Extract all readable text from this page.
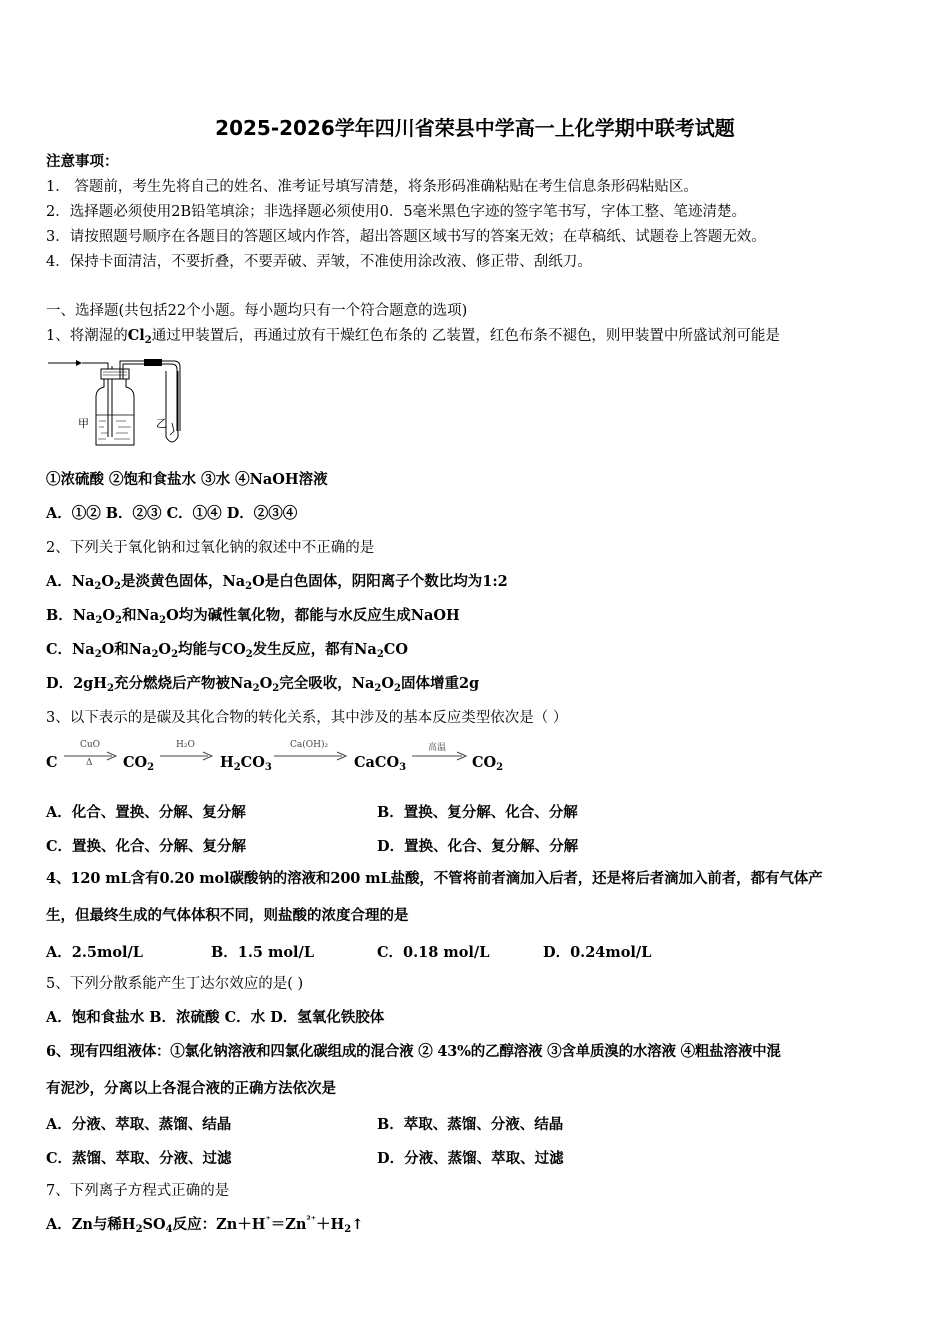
2025-2026学年四川省荣县中学高一上化学期中联考试题
注意事项：
1． 答题前，考生先将自己的姓名、准考证号填写清楚，将条形码准确粘贴在考生信息条形码粘贴区。
2．选择题必须使用2B铅笔填涂；非选择题必须使用0．5毫米黑色字迹的签字笔书写，字体工整、笔迹清楚。
3．请按照题号顺序在各题目的答题区域内作答，超出答题区域书写的答案无效；在草稿纸、试题卷上答题无效。
4．保持卡面清洁，不要折叠，不要弄破、弄皱，不准使用涂改液、修正带、刮纸刀。
一、选择题(共包括22个小题。每小题均只有一个符合题意的选项)
1、将潮湿的$Cl_2$通过甲装置后，再通过放有干燥红色布条的 乙装置，红色布条不褪色，则甲装置中所盛试剂可能是
甲	乙
①浓硫酸 ②饱和食盐水 ③水 ④NaOH溶液
A．①② B．②③ C．①④ D．②③④
2、下列关于氧化钠和过氧化钠的叙述中不正确的是
A．$Na_2O_2$是淡黄色固体，$Na_2O$是白色固体，阴阳离子个数比均为1:2
B．$Na_2O_2$和$Na_2O$均为碱性氧化物，都能与水反应生成NaOH
C．$Na_2O$和$Na_2O_2$均能与$CO_2$发生反应，都有$Na_2CO$
D．$2gH_2$充分燃烧后产物被$Na_2O_2$完全吸收，$Na_2O_2$固体增重2g
3、以下表示的是碳及其化合物的转化关系，其中涉及的基本反应类型依次是（ ）
C
CuO
Δ $CO_2$
H₂O
$H_2CO_3$
Ca(OH)₂
CaCO$_3$
高温
$CO_2$
A．化合、置换、分解、复分解	B．置换、复分解、化合、分解
C．置换、化合、分解、复分解	D．置换、化合、复分解、分解
4、120 mL含有0.20 mol碳酸钠的溶液和200 mL盐酸，不管将前者滴加入后者，还是将后者滴加入前者，都有气体产
生，但最终生成的气体体积不同，则盐酸的浓度合理的是
A．2.5mol/L	B．1.5 mol/L	C．0.18 mol/L	D．0.24mol/L
5、下列分散系能产生丁达尔效应的是( )
A．饱和食盐水 B．浓硫酸 C．水 D．氢氧化铁胶体
6、现有四组液体：①氯化钠溶液和四氯化碳组成的混合液 ② 43%的乙醇溶液 ③含单质溴的水溶液 ④粗盐溶液中混
有泥沙，分离以上各混合液的正确方法依次是
A．分液、萃取、蒸馏、结晶	B．萃取、蒸馏、分液、结晶
C．蒸馏、萃取、分液、过滤	D．分液、蒸馏、萃取、过滤
7、下列离子方程式正确的是
A．Zn与稀$H_2SO_4$反应：$Zn+H^{^+}=Zn^{^{2+}}+H_2↑$
